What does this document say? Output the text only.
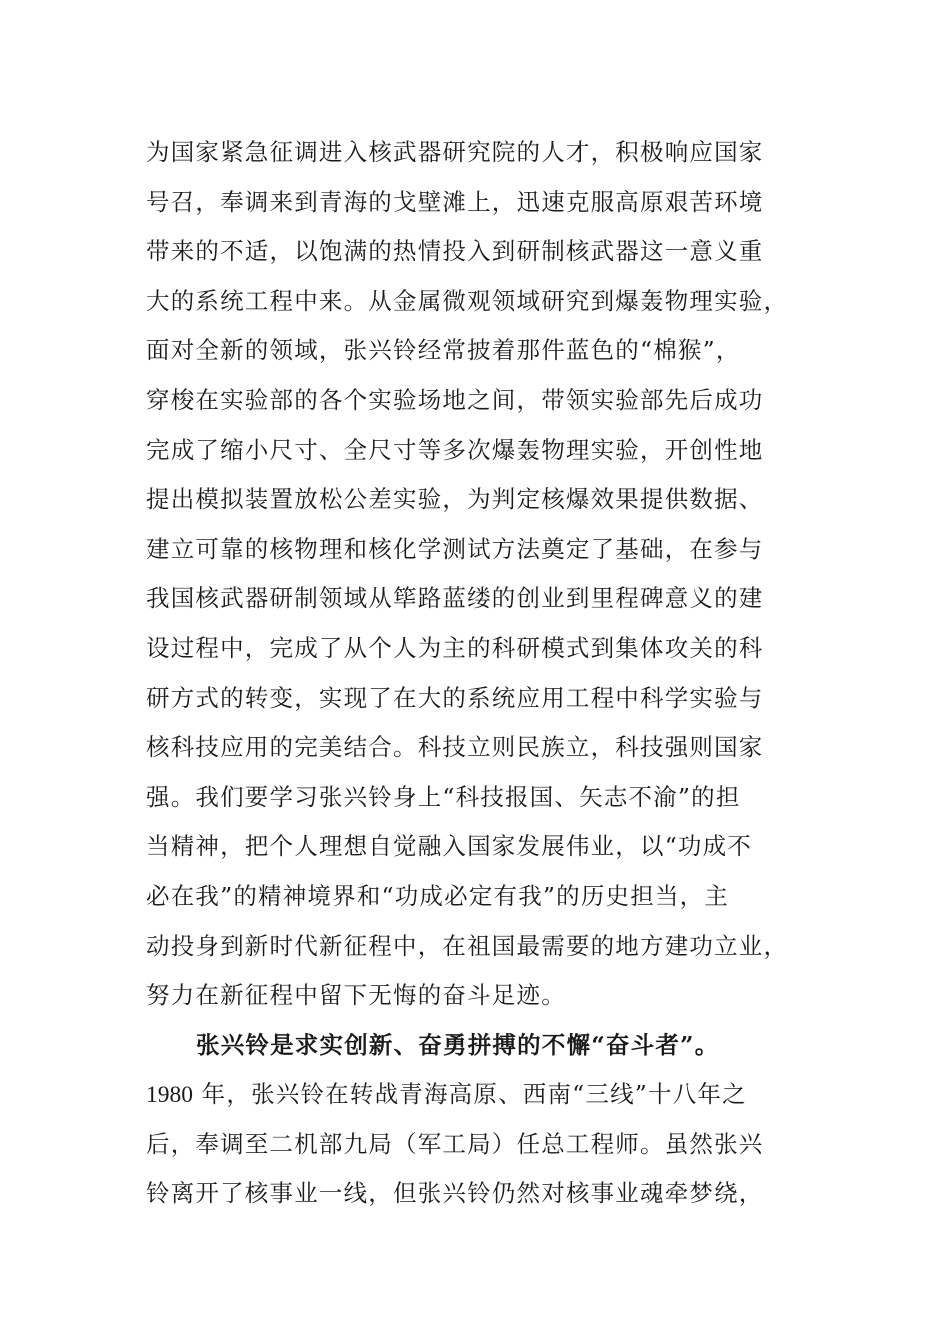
为国家紧急征调进入核武器研究院的人才，积极响应国家
号召，奉调来到青海的戈壁滩上，迅速克服高原艰苦环境
带来的不适，以饱满的热情投入到研制核武器这一意义重
大的系统工程中来。从金属微观领域研究到爆轰物理实验，
面对全新的领域，张兴铃经常披着那件蓝色的“棉猴”，
穿梭在实验部的各个实验场地之间，带领实验部先后成功
完成了缩小尺寸、全尺寸等多次爆轰物理实验，开创性地
提出模拟装置放松公差实验，为判定核爆效果提供数据、
建立可靠的核物理和核化学测试方法奠定了基础，在参与
我国核武器研制领域从筚路蓝缕的创业到里程碑意义的建
设过程中，完成了从个人为主的科研模式到集体攻关的科
研方式的转变，实现了在大的系统应用工程中科学实验与
核科技应用的完美结合。科技立则民族立，科技强则国家
强。我们要学习张兴铃身上“科技报国、矢志不渝”的担
当精神，把个人理想自觉融入国家发展伟业，以“功成不
必在我”的精神境界和“功成必定有我”的历史担当，主
动投身到新时代新征程中，在祖国最需要的地方建功立业，
努力在新征程中留下无悔的奋斗足迹。
张兴铃是求实创新、奋勇拼搏的不懈“奋斗者”。
1980 年，张兴铃在转战青海高原、西南“三线”十八年之
后，奉调至二机部九局（军工局）任总工程师。虽然张兴
铃离开了核事业一线，但张兴铃仍然对核事业魂牵梦绕，
